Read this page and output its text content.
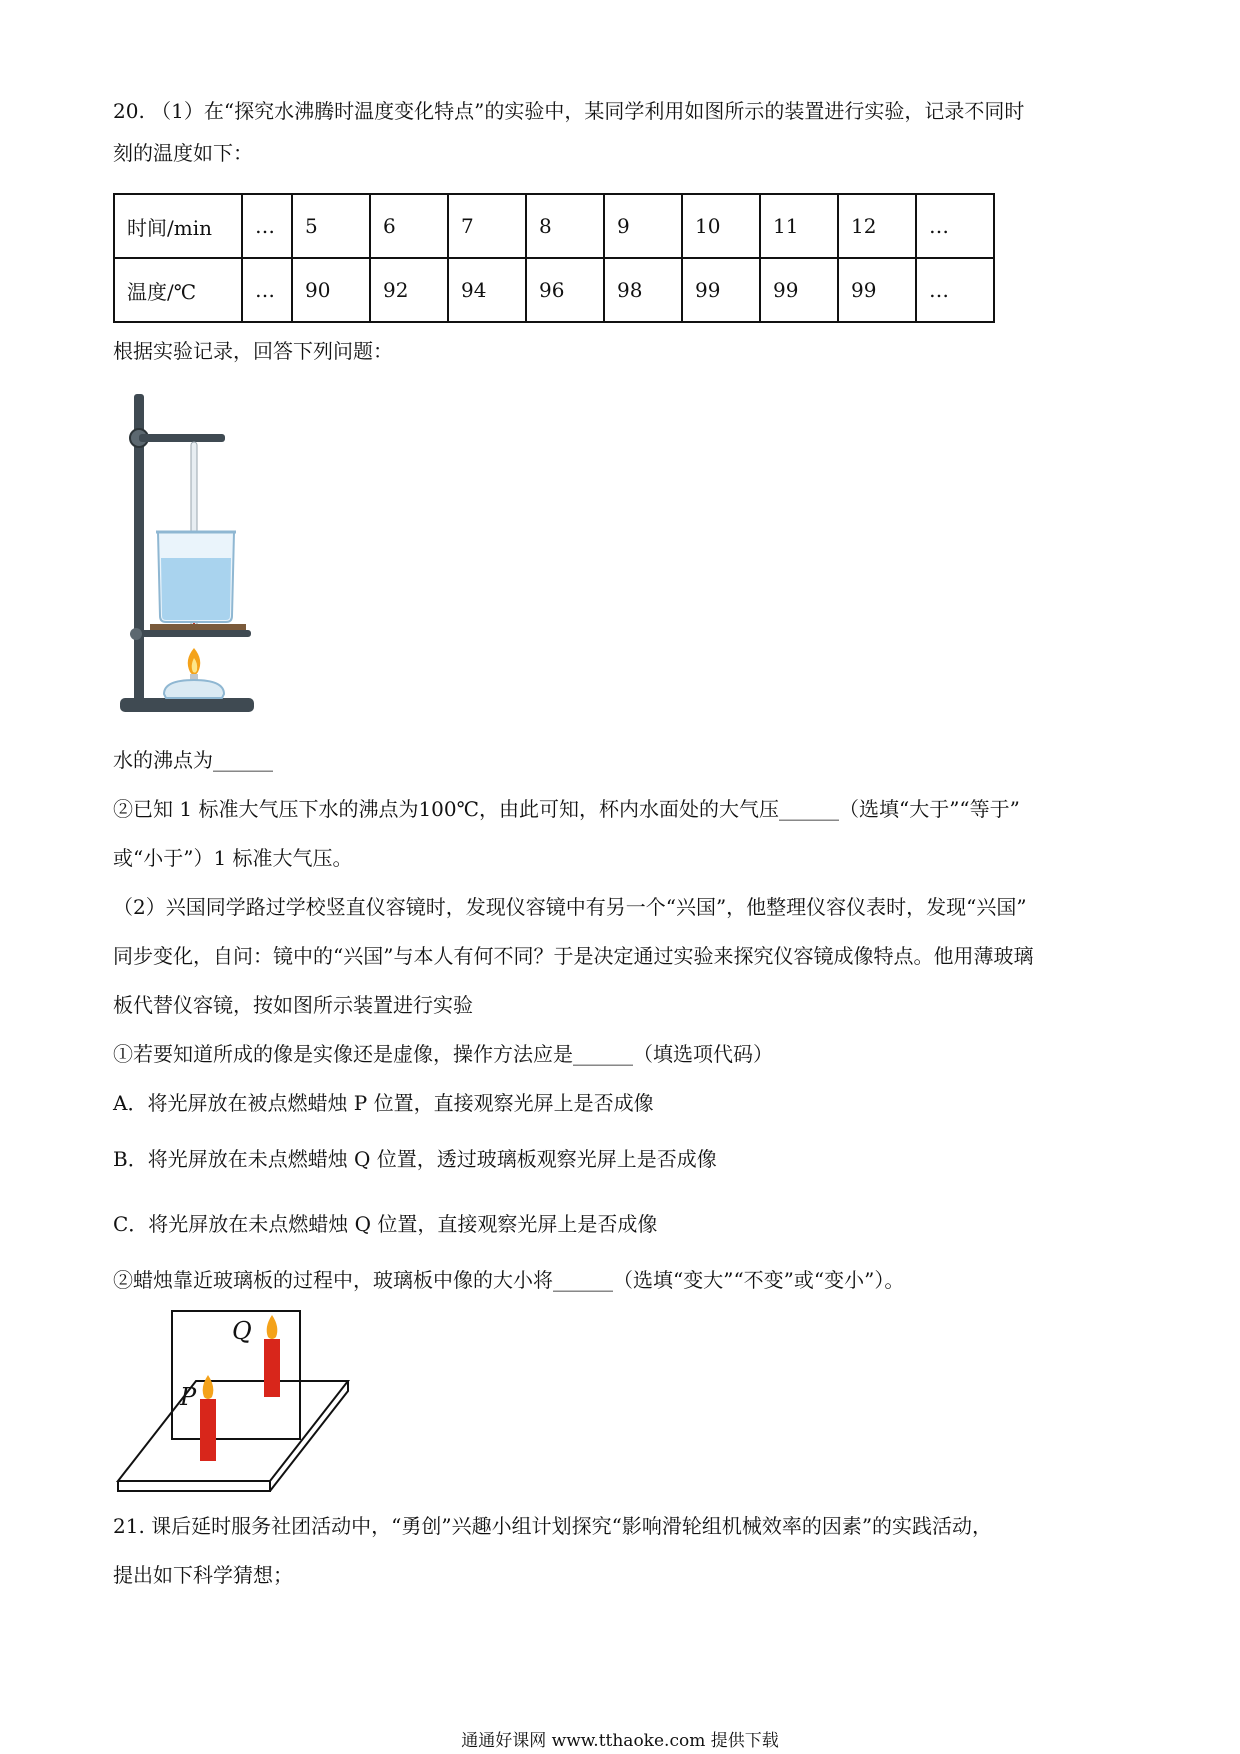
20. （1）在“探究水沸腾时温度变化特点”的实验中，某同学利用如图所示的装置进行实验，记录不同时
刻的温度如下：
时间/min	…	5	6	7	8	9	10	11	12	…
温度/℃	…	90	92	94	96	98	99	99	99	…
根据实验记录，回答下列问题：
水的沸点为______
②已知 1 标准大气压下水的沸点为100℃，由此可知，杯内水面处的大气压______（选填“大于”“等于”
或“小于”）1 标准大气压。
（2）兴国同学路过学校竖直仪容镜时，发现仪容镜中有另一个“兴国”，他整理仪容仪表时，发现“兴国”
同步变化，自问：镜中的“兴国”与本人有何不同？于是决定通过实验来探究仪容镜成像特点。他用薄玻璃
板代替仪容镜，按如图所示装置进行实验
①若要知道所成的像是实像还是虚像，操作方法应是______（填选项代码）
A．将光屏放在被点燃蜡烛 P 位置，直接观察光屏上是否成像
B．将光屏放在未点燃蜡烛 Q 位置，透过玻璃板观察光屏上是否成像
C．将光屏放在未点燃蜡烛 Q 位置，直接观察光屏上是否成像
②蜡烛靠近玻璃板的过程中，玻璃板中像的大小将______（选填“变大”“不变”或“变小”）。
Q
P
21. 课后延时服务社团活动中，“勇创”兴趣小组计划探究“影响滑轮组机械效率的因素”的实践活动，
提出如下科学猜想；
通通好课网 www.tthaoke.com 提供下载
